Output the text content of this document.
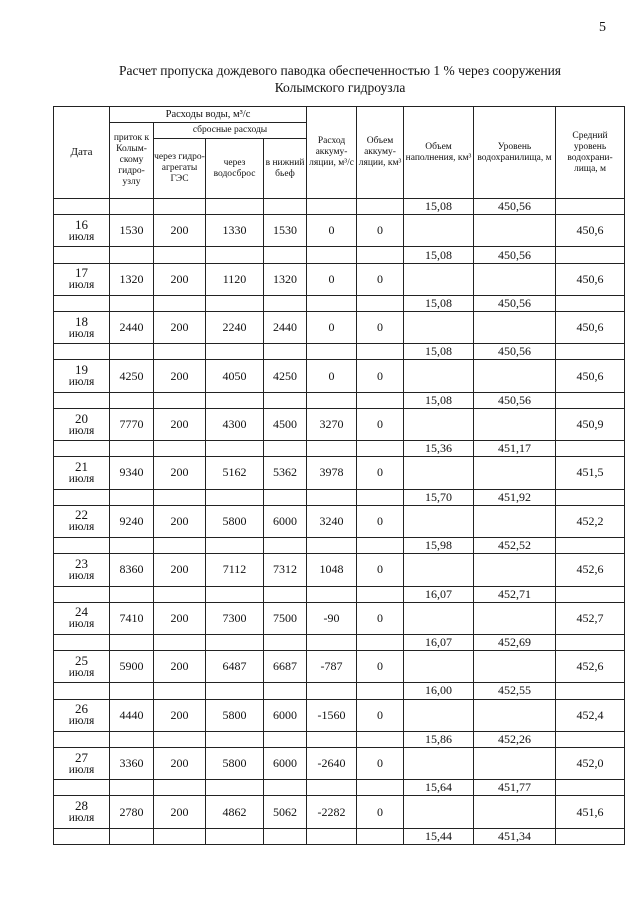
5
Расчет пропуска дождевого паводка обеспеченностью 1 % через сооружения
Колымского гидроузла
Дата	Расходы воды, м³/с				Расход аккуму-ляции, м³/с	Объем аккуму-ляции, км³	Объем наполнения, км³	Уровень водохранилища, м	Средний уровень водохрани-лища, м
	приток к Колым-скому гидро-узлу	сбросные расходы							
		через гидро-агрегаты ГЭС	через водосброс	в нижний бьеф					
							15,08	450,56	

16
июля	1530	200	1330	1530	0	0			450,6
							15,08	450,56	

17
июля	1320	200	1120	1320	0	0			450,6
							15,08	450,56	

18
июля	2440	200	2240	2440	0	0			450,6
							15,08	450,56	

19
июля	4250	200	4050	4250	0	0			450,6
							15,08	450,56	

20
июля	7770	200	4300	4500	3270	0			450,9
							15,36	451,17	

21
июля	9340	200	5162	5362	3978	0			451,5
							15,70	451,92	

22
июля	9240	200	5800	6000	3240	0			452,2
							15,98	452,52	

23
июля	8360	200	7112	7312	1048	0			452,6
							16,07	452,71	

24
июля	7410	200	7300	7500	-90	0			452,7
							16,07	452,69	

25
июля	5900	200	6487	6687	-787	0			452,6
							16,00	452,55	

26
июля	4440	200	5800	6000	-1560	0			452,4
							15,86	452,26	

27
июля	3360	200	5800	6000	-2640	0			452,0
							15,64	451,77	

28
июля	2780	200	4862	5062	-2282	0			451,6
							15,44	451,34	
